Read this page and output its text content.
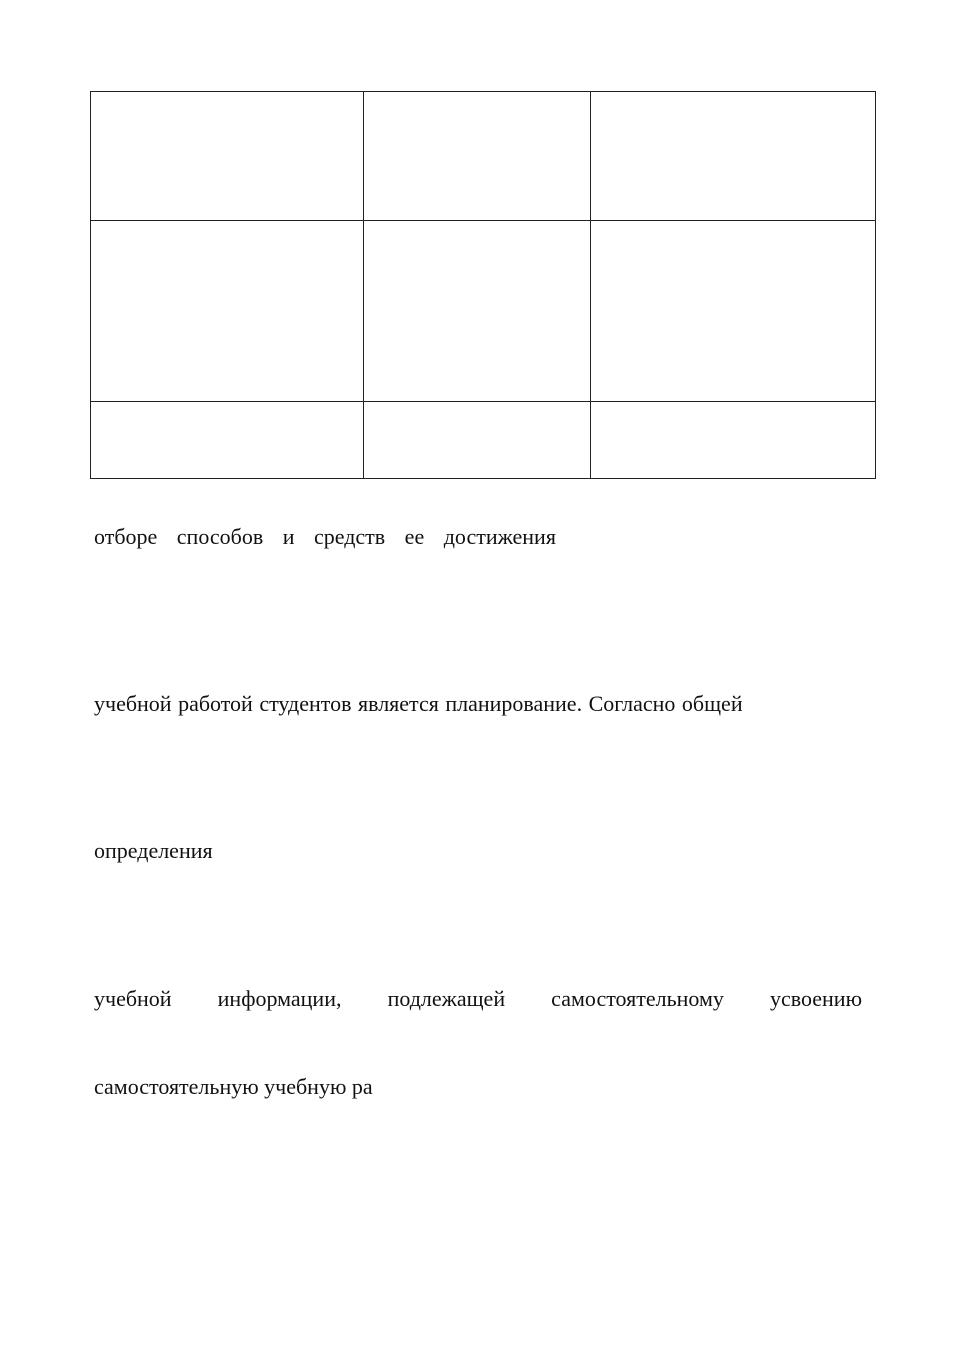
отборе способов и средств ее достижения

учебной работой студентов является планирование. Согласно общей

определения

учебной информации, подлежащей самостоятельному усвоению

самостоятельную учебную ра
